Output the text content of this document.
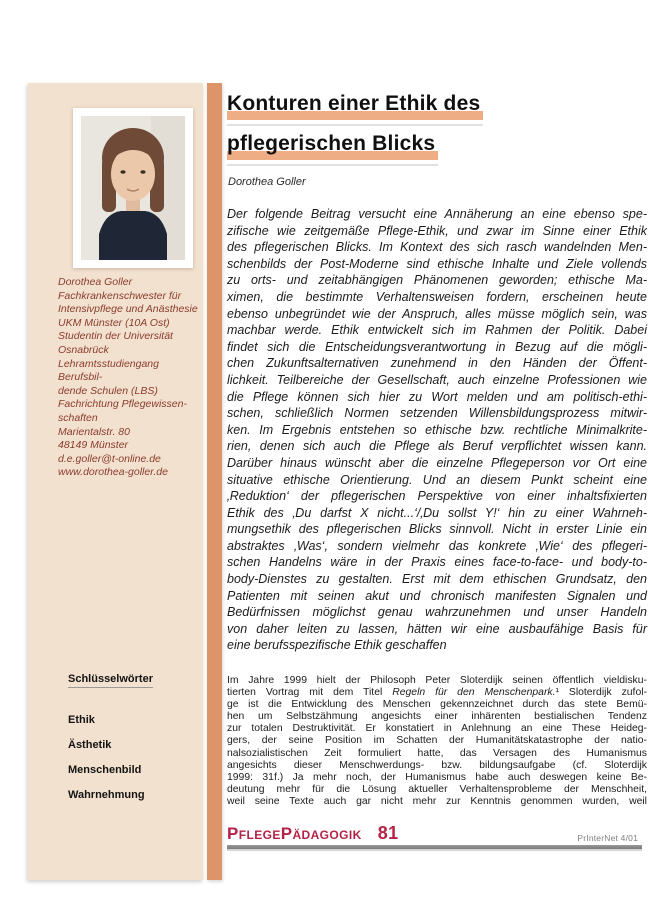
Dorothea Goller
Fachkrankenschwester für
Intensivpflege und Anästhesie
UKM Münster (10A Ost)
Studentin der Universität
Osnabrück
Lehramtsstudiengang Berufsbil-
dende Schulen (LBS)
Fachrichtung Pflegewissen-
schaften
Marientalstr. 80
48149 Münster
d.e.goller@t-online.de
www.dorothea-goller.de
Schlüsselwörter
Ethik
Ästhetik
Menschenbild
Wahrnehmung
Konturen einer Ethik des
pflegerischen Blicks
Dorothea Goller
Der folgende Beitrag versucht eine Annäherung an eine ebenso spe-
zifische wie zeitgemäße Pflege-Ethik, und zwar im Sinne einer Ethik
des pflegerischen Blicks. Im Kontext des sich rasch wandelnden Men-
schenbilds der Post-Moderne sind ethische Inhalte und Ziele vollends
zu orts- und zeitabhängigen Phänomenen geworden; ethische Ma-
ximen, die bestimmte Verhaltensweisen fordern, erscheinen heute
ebenso unbegründet wie der Anspruch, alles müsse möglich sein, was
machbar werde. Ethik entwickelt sich im Rahmen der Politik. Dabei
findet sich die Entscheidungsverantwortung in Bezug auf die mögli-
chen Zukunftsalternativen zunehmend in den Händen der Öffent-
lichkeit. Teilbereiche der Gesellschaft, auch einzelne Professionen wie
die Pflege können sich hier zu Wort melden und am politisch-ethi-
schen, schließlich Normen setzenden Willensbildungsprozess mitwir-
ken. Im Ergebnis entstehen so ethische bzw. rechtliche Minimalkrite-
rien, denen sich auch die Pflege als Beruf verpflichtet wissen kann.
Darüber hinaus wünscht aber die einzelne Pflegeperson vor Ort eine
situative ethische Orientierung. Und an diesem Punkt scheint eine
‚Reduktion‘ der pflegerischen Perspektive von einer inhaltsfixierten
Ethik des ‚Du darfst X nicht...‘/‚Du sollst Y!‘ hin zu einer Wahrneh-
mungsethik des pflegerischen Blicks sinnvoll. Nicht in erster Linie ein
abstraktes ‚Was‘, sondern vielmehr das konkrete ‚Wie‘ des pflegeri-
schen Handelns wäre in der Praxis eines face-to-face- und body-to-
body-Dienstes zu gestalten. Erst mit dem ethischen Grundsatz, den
Patienten mit seinen akut und chronisch manifesten Signalen und
Bedürfnissen möglichst genau wahrzunehmen und unser Handeln
von daher leiten zu lassen, hätten wir eine ausbaufähige Basis für
eine berufsspezifische Ethik geschaffen
Im Jahre 1999 hielt der Philosoph Peter Sloterdijk seinen öffentlich vieldisku-
tierten Vortrag mit dem Titel Regeln für den Menschenpark.¹ Sloterdijk zufol-
ge ist die Entwicklung des Menschen gekennzeichnet durch das stete Bemü-
hen um Selbstzähmung angesichts einer inhärenten bestialischen Tendenz
zur totalen Destruktivität. Er konstatiert in Anlehnung an eine These Heideg-
gers, der seine Position im Schatten der Humanitätskatastrophe der natio-
nalsozialistischen Zeit formuliert hatte, das Versagen des Humanismus
angesichts dieser Menschwerdungs- bzw. bildungsaufgabe (cf. Sloterdijk
1999: 31f.) Ja mehr noch, der Humanismus habe auch deswegen keine Be-
deutung mehr für die Lösung aktueller Verhaltensprobleme der Menschheit,
weil seine Texte auch gar nicht mehr zur Kenntnis genommen wurden, weil
PflegePädagogik 81	PrInterNet 4/01
